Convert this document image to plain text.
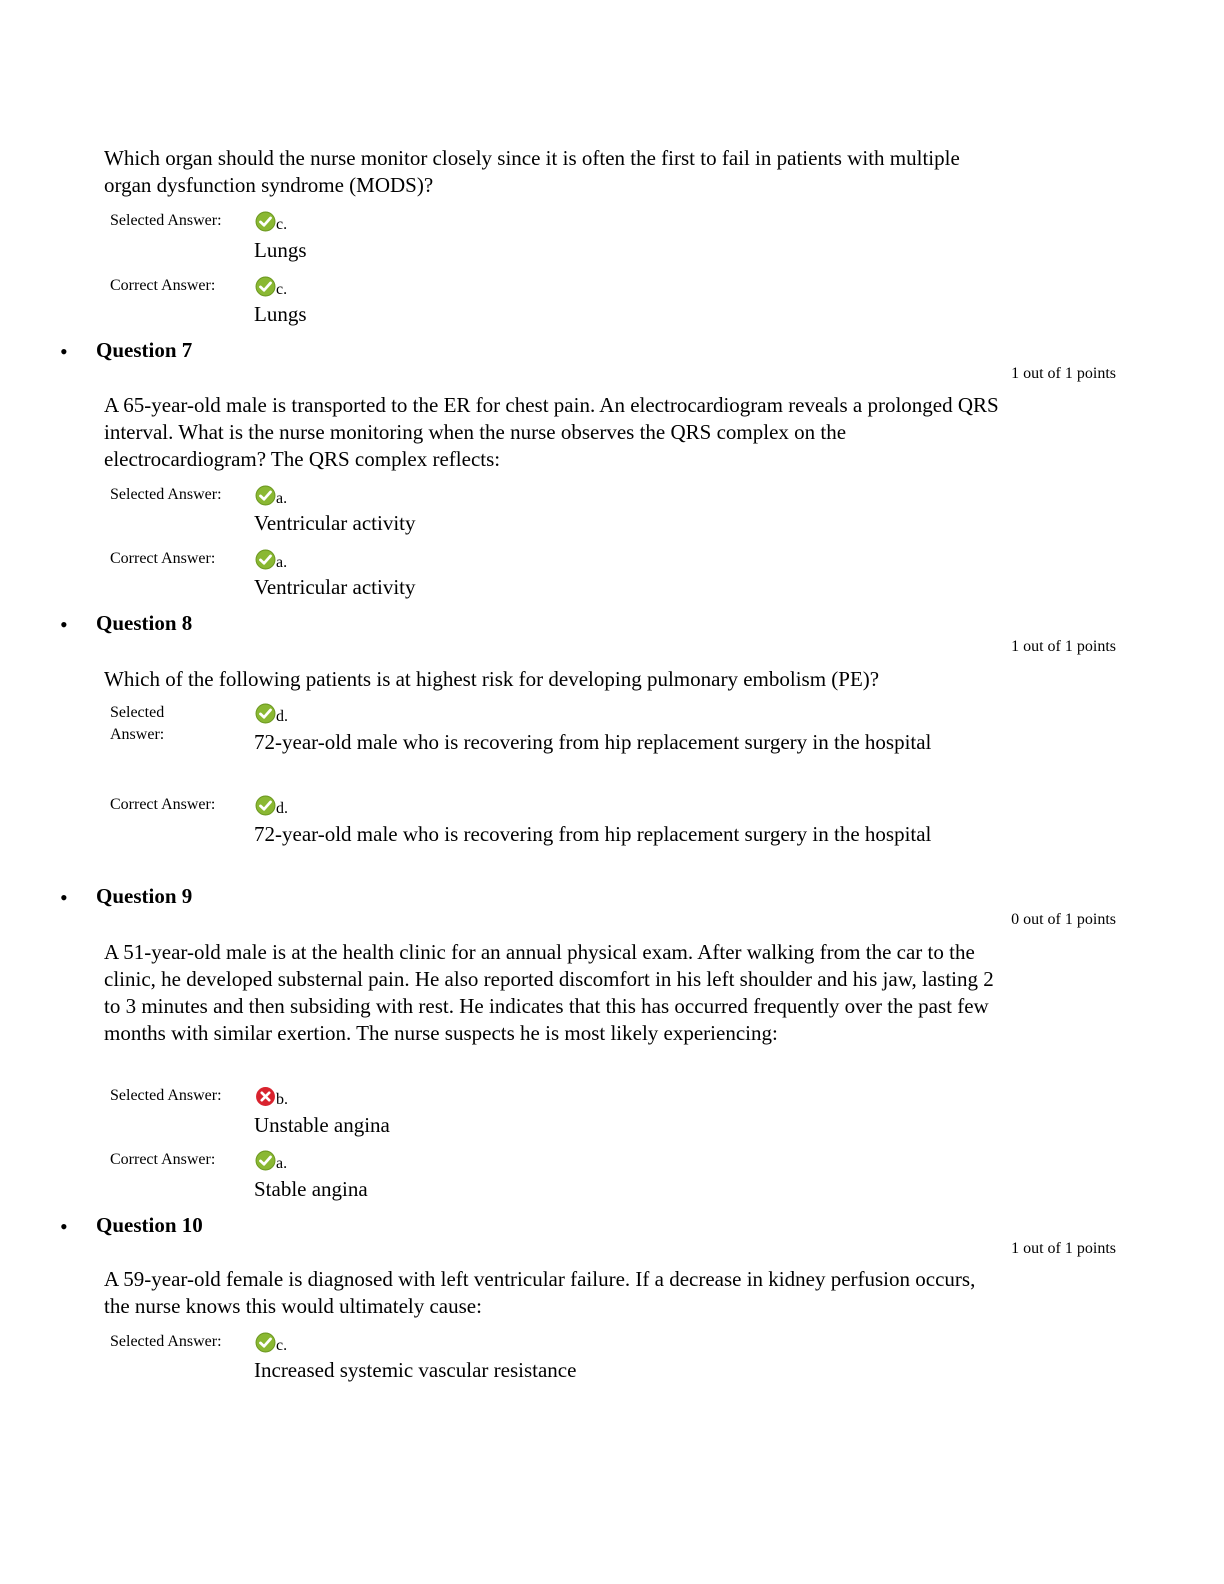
Which organ should the nurse monitor closely since it is often the first to fail in patients with multiple organ dysfunction syndrome (MODS)?
Selected Answer:	c.
Lungs
Correct Answer:	c.
Lungs
• Question 7
1 out of 1 points
A 65-year-old male is transported to the ER for chest pain. An electrocardiogram reveals a prolonged QRS interval. What is the nurse monitoring when the nurse observes the QRS complex on the electrocardiogram? The QRS complex reflects:
Selected Answer:	a.
Ventricular activity
Correct Answer:	a.
Ventricular activity
• Question 8
1 out of 1 points
Which of the following patients is at highest risk for developing pulmonary embolism (PE)?
Selected
Answer:
d.
72-year-old male who is recovering from hip replacement surgery in the hospital
Correct Answer:	d.
72-year-old male who is recovering from hip replacement surgery in the hospital
• Question 9
0 out of 1 points
A 51-year-old male is at the health clinic for an annual physical exam. After walking from the car to the clinic, he developed substernal pain. He also reported discomfort in his left shoulder and his jaw, lasting 2 to 3 minutes and then subsiding with rest. He indicates that this has occurred frequently over the past few months with similar exertion. The nurse suspects he is most likely experiencing:
Selected Answer:	b.
Unstable angina
Correct Answer:	a.
Stable angina
• Question 10
1 out of 1 points
A 59-year-old female is diagnosed with left ventricular failure. If a decrease in kidney perfusion occurs, the nurse knows this would ultimately cause:
Selected Answer:	c.
Increased systemic vascular resistance
